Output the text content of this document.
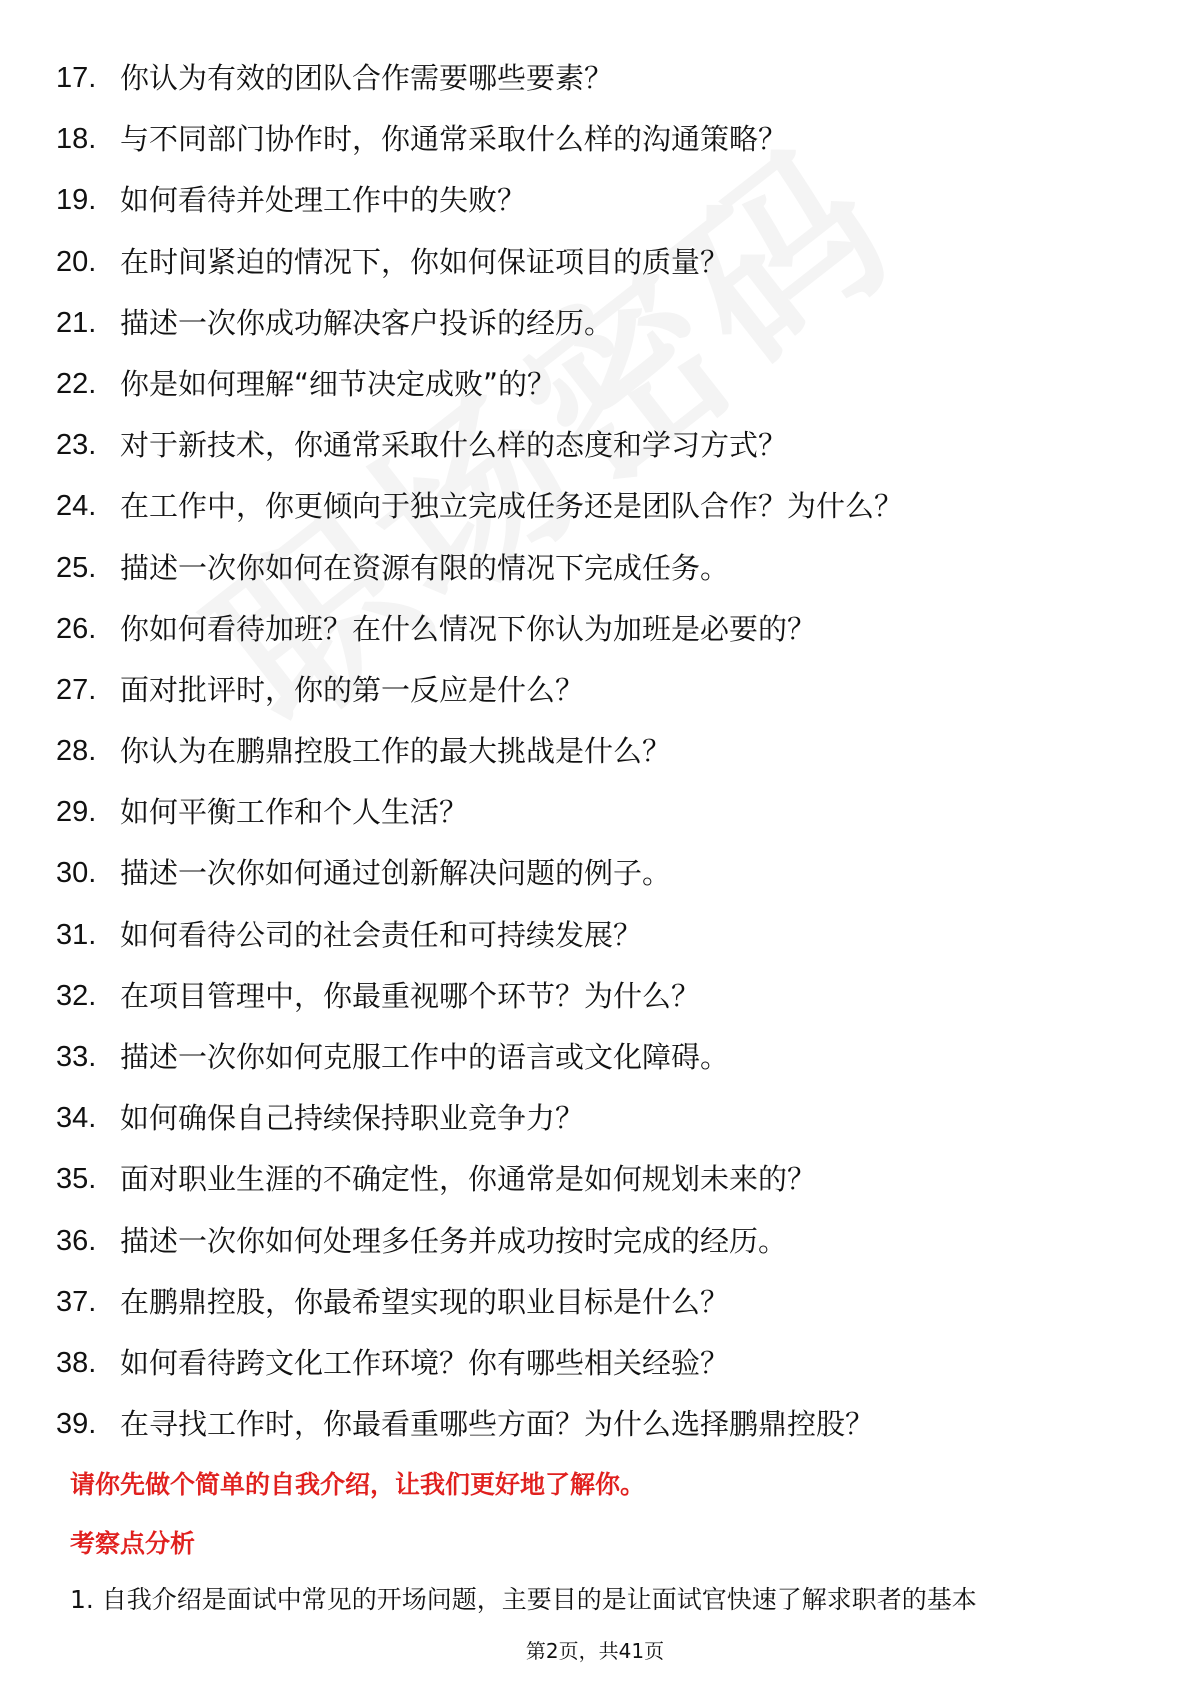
17. 你认为有效的团队合作需要哪些要素？
18. 与不同部门协作时，你通常采取什么样的沟通策略？
19. 如何看待并处理工作中的失败？
20. 在时间紧迫的情况下，你如何保证项目的质量？
21. 描述一次你成功解决客户投诉的经历。
22. 你是如何理解“细节决定成败”的？
23. 对于新技术，你通常采取什么样的态度和学习方式？
24. 在工作中，你更倾向于独立完成任务还是团队合作？为什么？
25. 描述一次你如何在资源有限的情况下完成任务。
26. 你如何看待加班？在什么情况下你认为加班是必要的？
27. 面对批评时，你的第一反应是什么？
28. 你认为在鹏鼎控股工作的最大挑战是什么？
29. 如何平衡工作和个人生活？
30. 描述一次你如何通过创新解决问题的例子。
31. 如何看待公司的社会责任和可持续发展？
32. 在项目管理中，你最重视哪个环节？为什么？
33. 描述一次你如何克服工作中的语言或文化障碍。
34. 如何确保自己持续保持职业竞争力？
35. 面对职业生涯的不确定性，你通常是如何规划未来的？
36. 描述一次你如何处理多任务并成功按时完成的经历。
37. 在鹏鼎控股，你最希望实现的职业目标是什么？
38. 如何看待跨文化工作环境？你有哪些相关经验？
39. 在寻找工作时，你最看重哪些方面？为什么选择鹏鼎控股？
请你先做个简单的自我介绍，让我们更好地了解你。
考察点分析
1. 自我介绍是面试中常见的开场问题，主要目的是让面试官快速了解求职者的基本
第2页，共41页
